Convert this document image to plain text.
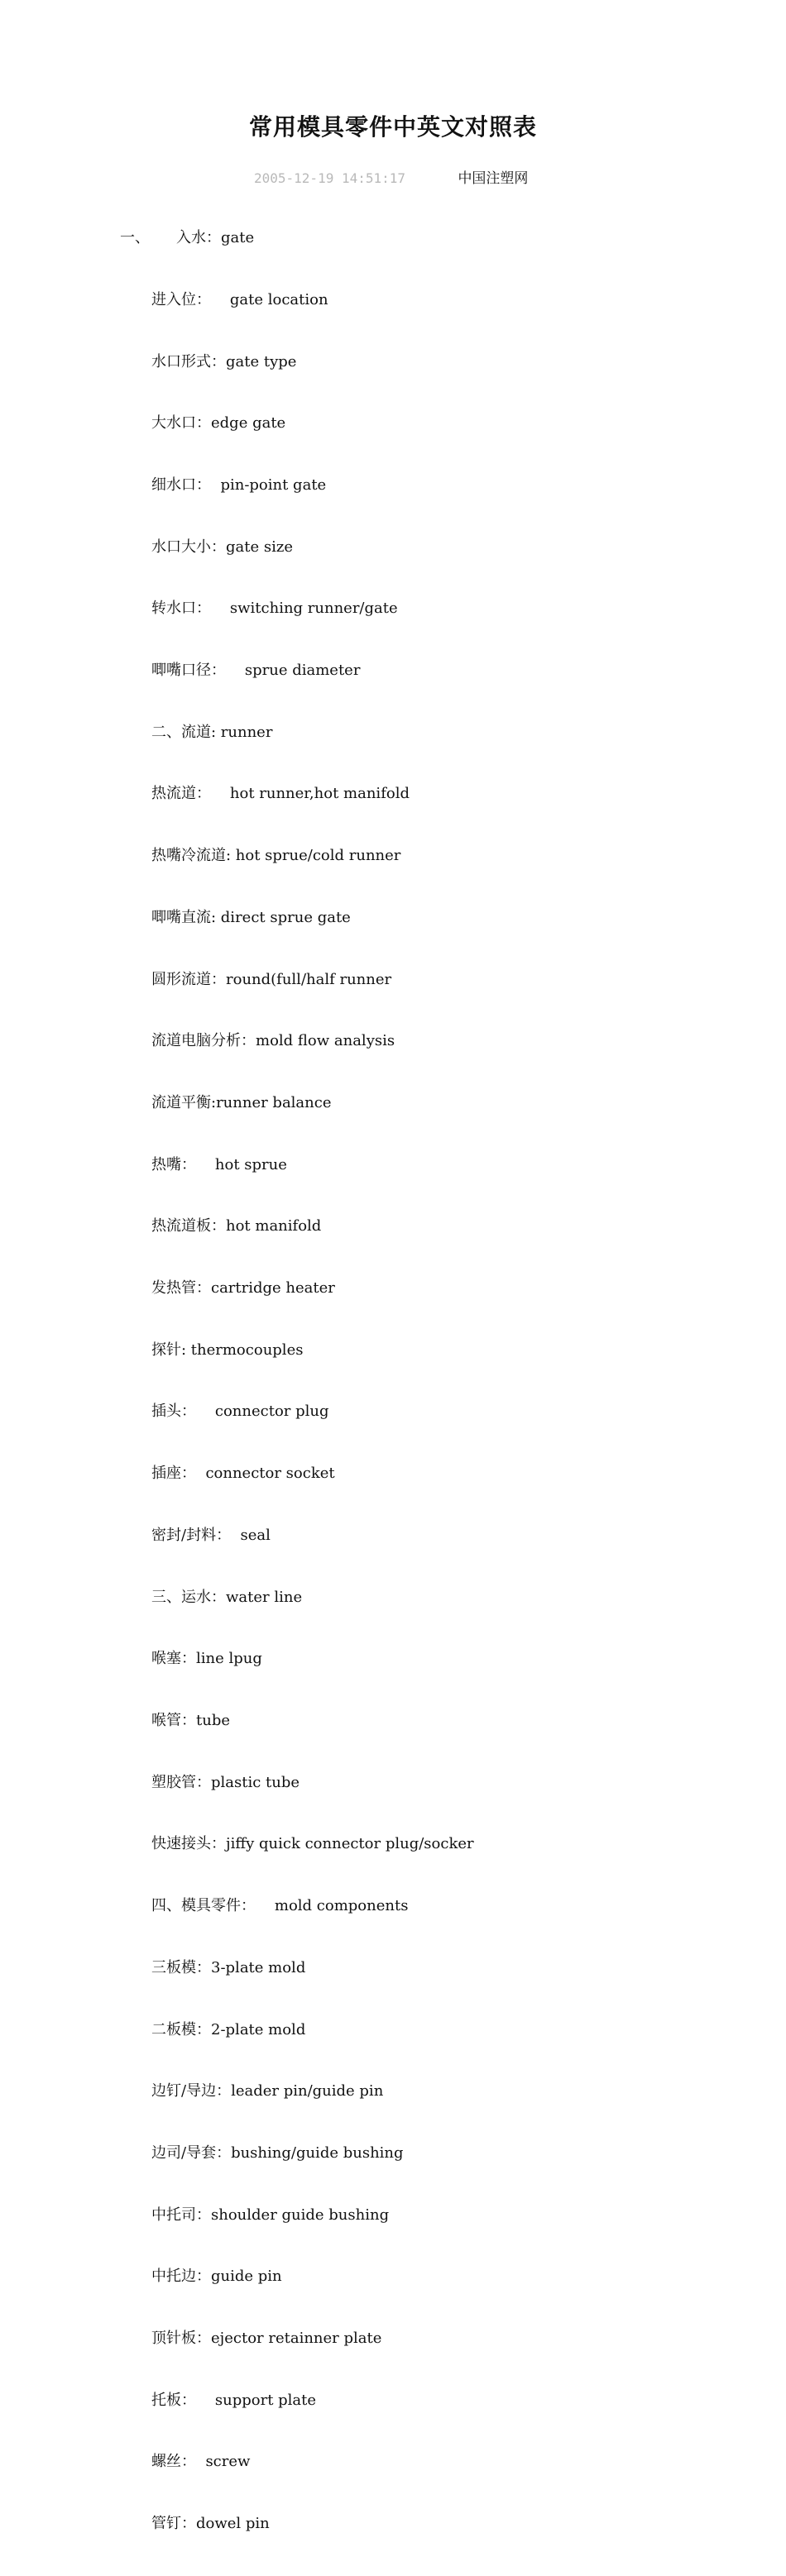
常用模具零件中英文对照表
2005-12-19 14:51:17	中国注塑网
一、 入水：gate

进入位：    gate location

水口形式：gate type

大水口：edge gate

细水口：  pin-point gate

水口大小：gate size

转水口：    switching runner/gate

唧嘴口径：    sprue diameter

二、流道: runner

热流道：    hot runner,hot manifold

热嘴冷流道: hot sprue/cold runner

唧嘴直流: direct sprue gate

圆形流道：round(full/half runner

流道电脑分析：mold flow analysis

流道平衡:runner balance

热嘴：    hot sprue

热流道板：hot manifold

发热管：cartridge heater

探针: thermocouples

插头：    connector plug

插座：  connector socket

密封/封料：  seal

三、运水：water line

喉塞：line lpug

喉管：tube

塑胶管：plastic tube

快速接头：jiffy quick connector plug/socker

四、模具零件：    mold components

三板模：3-plate mold

二板模：2-plate mold

边钉/导边：leader pin/guide pin

边司/导套：bushing/guide bushing

中托司：shoulder guide bushing

中托边：guide pin

顶针板：ejector retainner plate

托板：    support plate

螺丝：  screw

管钉：dowel pin
